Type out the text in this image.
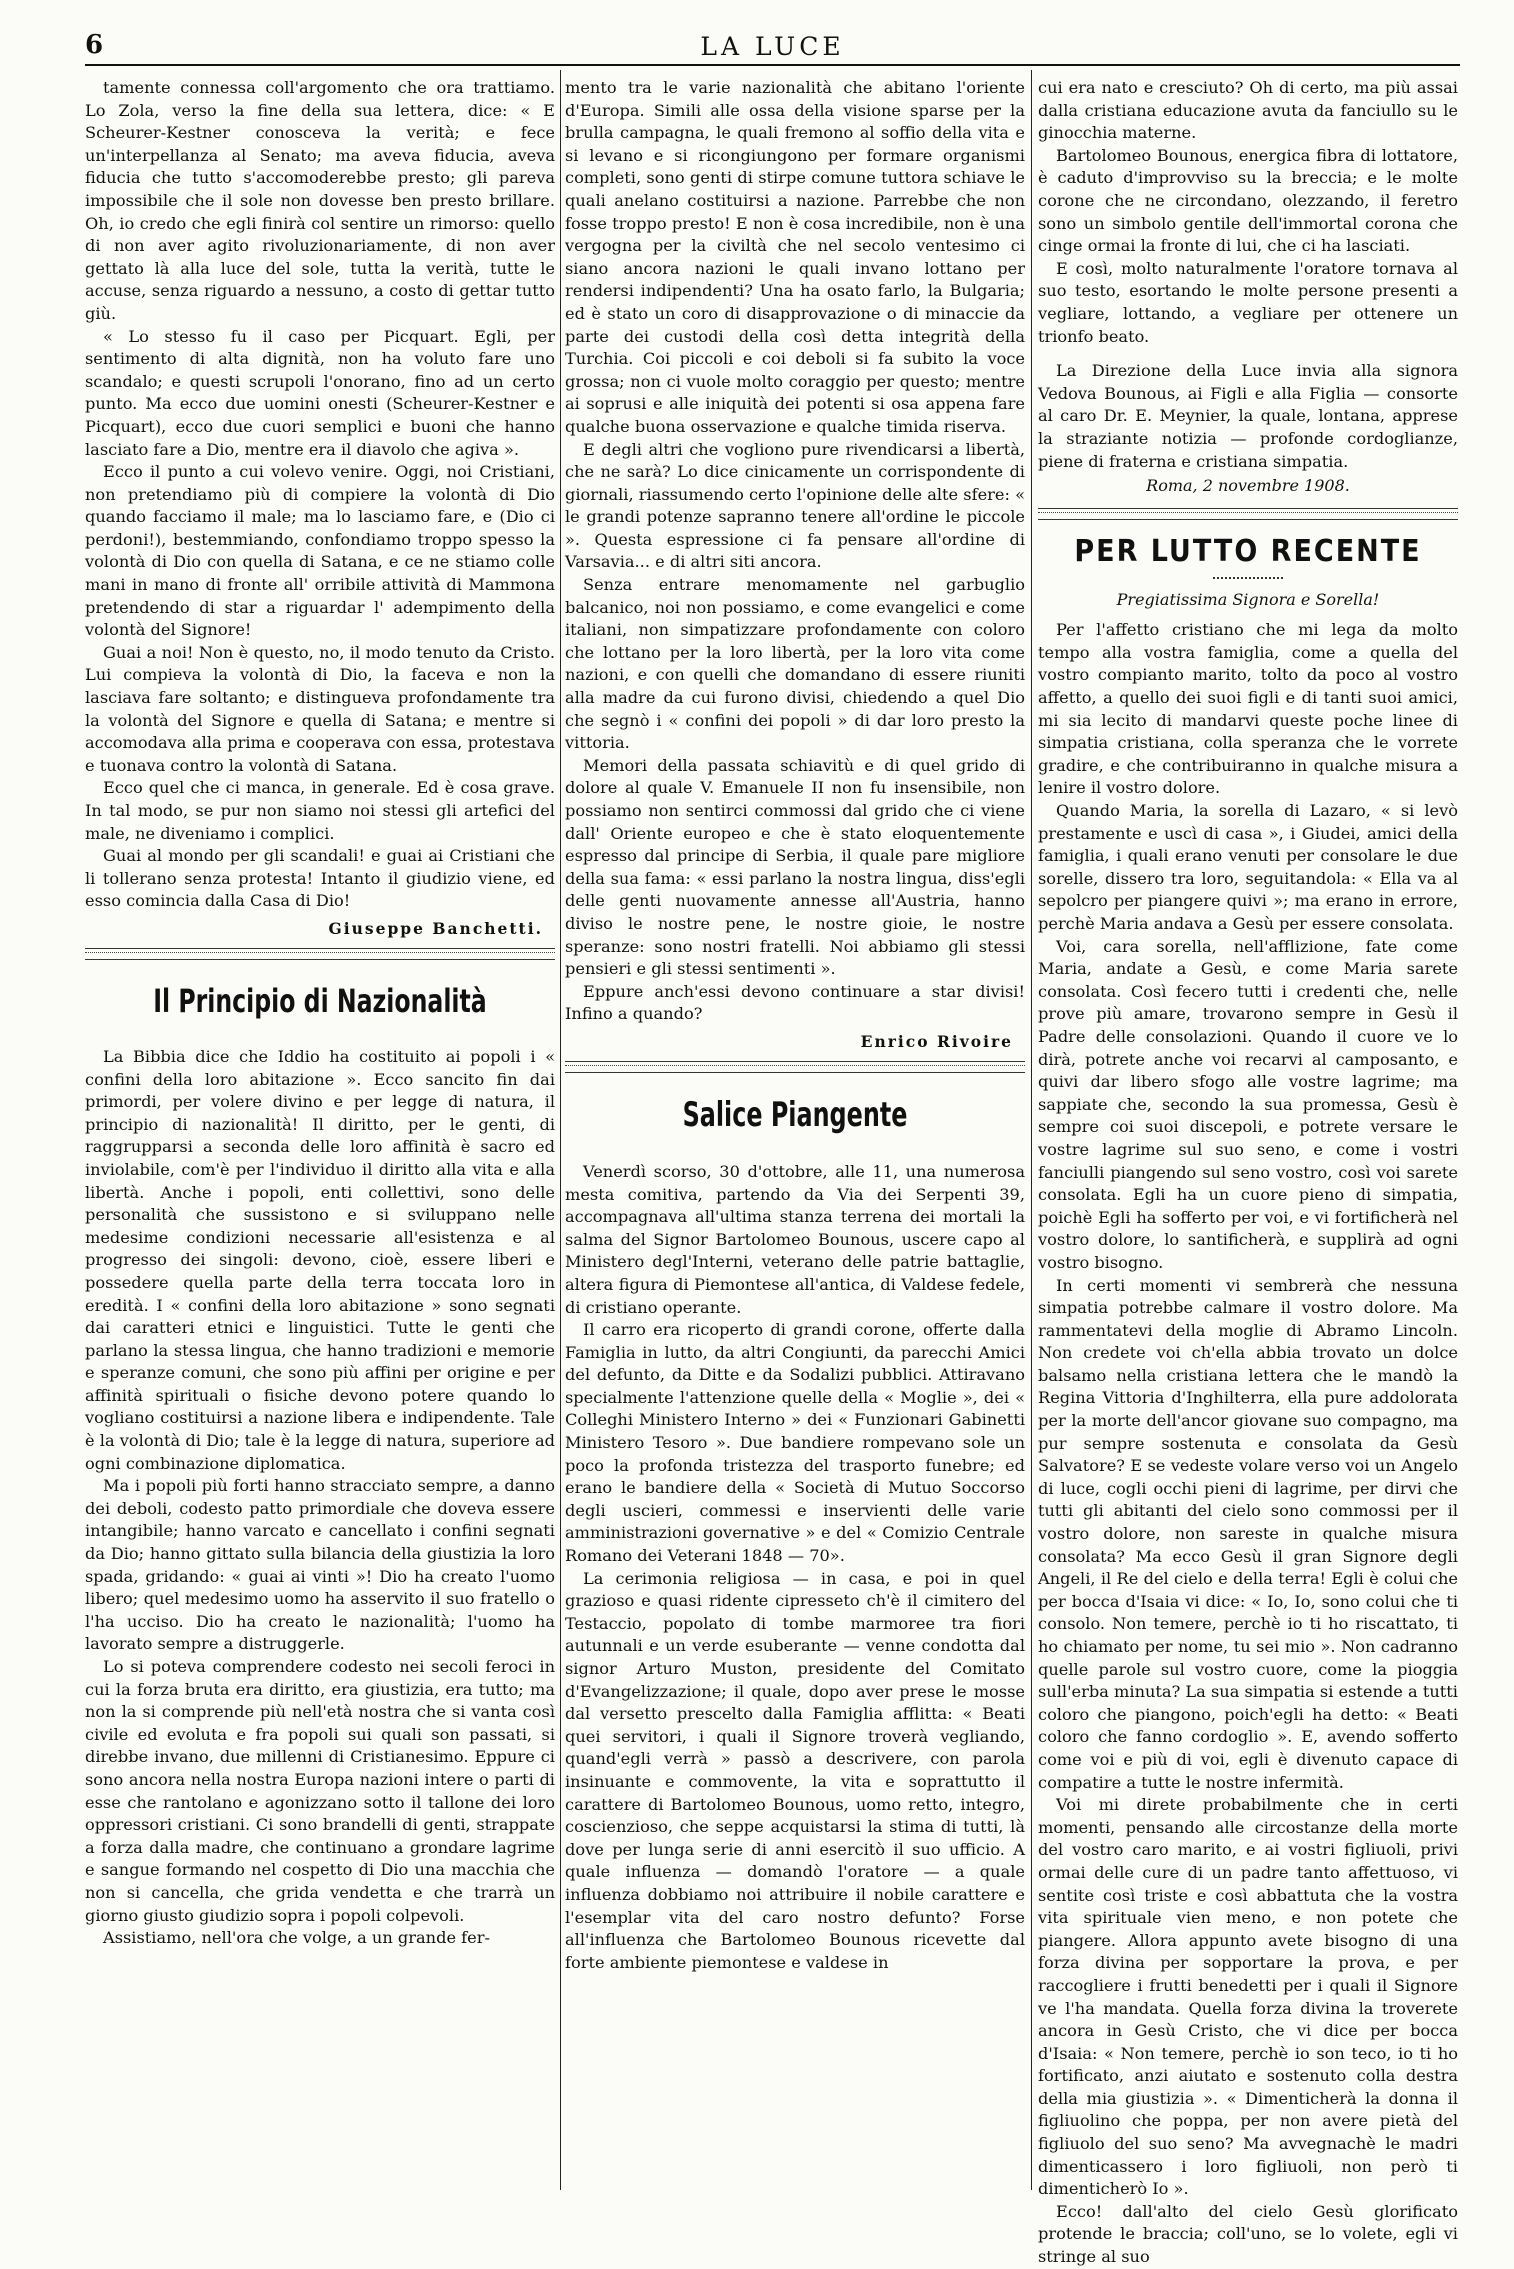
6	LA LUCE

tamente connessa coll'argomento che ora trattiamo. Lo Zola, verso la fine della sua lettera, dice: « E Scheurer-Kestner conosceva la verità; e fece un'interpellanza al Senato; ma aveva fiducia, aveva fiducia che tutto s'accomoderebbe presto; gli pareva impossibile che il sole non dovesse ben presto brillare. Oh, io credo che egli finirà col sentire un rimorso: quello di non aver agito rivoluzionariamente, di non aver gettato là alla luce del sole, tutta la verità, tutte le accuse, senza riguardo a nessuno, a costo di gettar tutto giù.

« Lo stesso fu il caso per Picquart. Egli, per sentimento di alta dignità, non ha voluto fare uno scandalo; e questi scrupoli l'onorano, fino ad un certo punto. Ma ecco due uomini onesti (Scheurer-Kestner e Picquart), ecco due cuori semplici e buoni che hanno lasciato fare a Dio, mentre era il diavolo che agiva ».

Ecco il punto a cui volevo venire. Oggi, noi Cristiani, non pretendiamo più di compiere la volontà di Dio quando facciamo il male; ma lo lasciamo fare, e (Dio ci perdoni!), bestemmiando, confondiamo troppo spesso la volontà di Dio con quella di Satana, e ce ne stiamo colle mani in mano di fronte all' orribile attività di Mammona pretendendo di star a riguardar l' adempimento della volontà del Signore!

Guai a noi! Non è questo, no, il modo tenuto da Cristo. Lui compieva la volontà di Dio, la faceva e non la lasciava fare soltanto; e distingueva profondamente tra la volontà del Signore e quella di Satana; e mentre si accomodava alla prima e cooperava con essa, protestava e tuonava contro la volontà di Satana.

Ecco quel che ci manca, in generale. Ed è cosa grave. In tal modo, se pur non siamo noi stessi gli artefici del male, ne diveniamo i complici.

Guai al mondo per gli scandali! e guai ai Cristiani che li tollerano senza protesta! Intanto il giudizio viene, ed esso comincia dalla Casa di Dio!

Giuseppe Banchetti.
Il Principio di Nazionalità

La Bibbia dice che Iddio ha costituito ai popoli i « confini della loro abitazione ». Ecco sancito fin dai primordi, per volere divino e per legge di natura, il principio di nazionalità! Il diritto, per le genti, di raggrupparsi a seconda delle loro affinità è sacro ed inviolabile, com'è per l'individuo il diritto alla vita e alla libertà. Anche i popoli, enti collettivi, sono delle personalità che sussistono e si sviluppano nelle medesime condizioni necessarie all'esistenza e al progresso dei singoli: devono, cioè, essere liberi e possedere quella parte della terra toccata loro in eredità. I « confini della loro abitazione » sono segnati dai caratteri etnici e linguistici. Tutte le genti che parlano la stessa lingua, che hanno tradizioni e memorie e speranze comuni, che sono più affini per origine e per affinità spirituali o fisiche devono potere quando lo vogliano costituirsi a nazione libera e indipendente. Tale è la volontà di Dio; tale è la legge di natura, superiore ad ogni combinazione diplomatica.

Ma i popoli più forti hanno stracciato sempre, a danno dei deboli, codesto patto primordiale che doveva essere intangibile; hanno varcato e cancellato i confini segnati da Dio; hanno gittato sulla bilancia della giustizia la loro spada, gridando: « guai ai vinti »! Dio ha creato l'uomo libero; quel medesimo uomo ha asservito il suo fratello o l'ha ucciso. Dio ha creato le nazionalità; l'uomo ha lavorato sempre a distruggerle.

Lo si poteva comprendere codesto nei secoli feroci in cui la forza bruta era diritto, era giustizia, era tutto; ma non la si comprende più nell'età nostra che si vanta così civile ed evoluta e fra popoli sui quali son passati, si direbbe invano, due millenni di Cristianesimo. Eppure ci sono ancora nella nostra Europa nazioni intere o parti di esse che rantolano e agonizzano sotto il tallone dei loro oppressori cristiani. Ci sono brandelli di genti, strappate a forza dalla madre, che continuano a grondare lagrime e sangue formando nel cospetto di Dio una macchia che non si cancella, che grida vendetta e che trarrà un giorno giusto giudizio sopra i popoli colpevoli.

Assistiamo, nell'ora che volge, a un grande fer-

mento tra le varie nazionalità che abitano l'oriente d'Europa. Simili alle ossa della visione sparse per la brulla campagna, le quali fremono al soffio della vita e si levano e si ricongiungono per formare organismi completi, sono genti di stirpe comune tuttora schiave le quali anelano costituirsi a nazione. Parrebbe che non fosse troppo presto! E non è cosa incredibile, non è una vergogna per la civiltà che nel secolo ventesimo ci siano ancora nazioni le quali invano lottano per rendersi indipendenti? Una ha osato farlo, la Bulgaria; ed è stato un coro di disapprovazione o di minaccie da parte dei custodi della così detta integrità della Turchia. Coi piccoli e coi deboli si fa subito la voce grossa; non ci vuole molto coraggio per questo; mentre ai soprusi e alle iniquità dei potenti si osa appena fare qualche buona osservazione e qualche timida riserva.

E degli altri che vogliono pure rivendicarsi a libertà, che ne sarà? Lo dice cinicamente un corrispondente di giornali, riassumendo certo l'opinione delle alte sfere: « le grandi potenze sapranno tenere all'ordine le piccole ». Questa espressione ci fa pensare all'ordine di Varsavia... e di altri siti ancora.

Senza entrare menomamente nel garbuglio balcanico, noi non possiamo, e come evangelici e come italiani, non simpatizzare profondamente con coloro che lottano per la loro libertà, per la loro vita come nazioni, e con quelli che domandano di essere riuniti alla madre da cui furono divisi, chiedendo a quel Dio che segnò i « confini dei popoli » di dar loro presto la vittoria.

Memori della passata schiavitù e di quel grido di dolore al quale V. Emanuele II non fu insensibile, non possiamo non sentirci commossi dal grido che ci viene dall' Oriente europeo e che è stato eloquentemente espresso dal principe di Serbia, il quale pare migliore della sua fama: « essi parlano la nostra lingua, diss'egli delle genti nuovamente annesse all'Austria, hanno diviso le nostre pene, le nostre gioie, le nostre speranze: sono nostri fratelli. Noi abbiamo gli stessi pensieri e gli stessi sentimenti ».

Eppure anch'essi devono continuare a star divisi! Infino a quando?

Enrico Rivoire
Salice Piangente

Venerdì scorso, 30 d'ottobre, alle 11, una numerosa mesta comitiva, partendo da Via dei Serpenti 39, accompagnava all'ultima stanza terrena dei mortali la salma del Signor Bartolomeo Bounous, uscere capo al Ministero degl'Interni, veterano delle patrie battaglie, altera figura di Piemontese all'antica, di Valdese fedele, di cristiano operante.

Il carro era ricoperto di grandi corone, offerte dalla Famiglia in lutto, da altri Congiunti, da parecchi Amici del defunto, da Ditte e da Sodalizi pubblici. Attiravano specialmente l'attenzione quelle della « Moglie », dei « Colleghi Ministero Interno » dei « Funzionari Gabinetti Ministero Tesoro ». Due bandiere rompevano sole un poco la profonda tristezza del trasporto funebre; ed erano le bandiere della « Società di Mutuo Soccorso degli uscieri, commessi e inservienti delle varie amministrazioni governative » e del « Comizio Centrale Romano dei Veterani 1848 — 70».

La cerimonia religiosa — in casa, e poi in quel grazioso e quasi ridente cipresseto ch'è il cimitero del Testaccio, popolato di tombe marmoree tra fiori autunnali e un verde esuberante — venne condotta dal signor Arturo Muston, presidente del Comitato d'Evangelizzazione; il quale, dopo aver prese le mosse dal versetto prescelto dalla Famiglia afflitta: « Beati quei servitori, i quali il Signore troverà vegliando, quand'egli verrà » passò a descrivere, con parola insinuante e commovente, la vita e soprattutto il carattere di Bartolomeo Bounous, uomo retto, integro, coscienzioso, che seppe acquistarsi la stima di tutti, là dove per lunga serie di anni esercitò il suo ufficio. A quale influenza — domandò l'oratore — a quale influenza dobbiamo noi attribuire il nobile carattere e l'esemplar vita del caro nostro defunto? Forse all'influenza che Bartolomeo Bounous ricevette dal forte ambiente piemontese e valdese in

cui era nato e cresciuto? Oh di certo, ma più assai dalla cristiana educazione avuta da fanciullo su le ginocchia materne.

Bartolomeo Bounous, energica fibra di lottatore, è caduto d'improvviso su la breccia; e le molte corone che ne circondano, olezzando, il feretro sono un simbolo gentile dell'immortal corona che cinge ormai la fronte di lui, che ci ha lasciati.

E così, molto naturalmente l'oratore tornava al suo testo, esortando le molte persone presenti a vegliare, lottando, a vegliare per ottenere un trionfo beato.

La Direzione della Luce invia alla signora Vedova Bounous, ai Figli e alla Figlia — consorte al caro Dr. E. Meynier, la quale, lontana, apprese la straziante notizia — profonde cordoglianze, piene di fraterna e cristiana simpatia.

Roma, 2 novembre 1908.

PER LUTTO RECENTE

Pregiatissima Signora e Sorella!

Per l'affetto cristiano che mi lega da molto tempo alla vostra famiglia, come a quella del vostro compianto marito, tolto da poco al vostro affetto, a quello dei suoi figli e di tanti suoi amici, mi sia lecito di mandarvi queste poche linee di simpatia cristiana, colla speranza che le vorrete gradire, e che contribuiranno in qualche misura a lenire il vostro dolore.

Quando Maria, la sorella di Lazaro, « si levò prestamente e uscì di casa », i Giudei, amici della famiglia, i quali erano venuti per consolare le due sorelle, dissero tra loro, seguitandola: « Ella va al sepolcro per piangere quivi »; ma erano in errore, perchè Maria andava a Gesù per essere consolata.

Voi, cara sorella, nell'afflizione, fate come Maria, andate a Gesù, e come Maria sarete consolata. Così fecero tutti i credenti che, nelle prove più amare, trovarono sempre in Gesù il Padre delle consolazioni. Quando il cuore ve lo dirà, potrete anche voi recarvi al camposanto, e quivi dar libero sfogo alle vostre lagrime; ma sappiate che, secondo la sua promessa, Gesù è sempre coi suoi discepoli, e potrete versare le vostre lagrime sul suo seno, e come i vostri fanciulli piangendo sul seno vostro, così voi sarete consolata. Egli ha un cuore pieno di simpatia, poichè Egli ha sofferto per voi, e vi fortificherà nel vostro dolore, lo santificherà, e supplirà ad ogni vostro bisogno.

In certi momenti vi sembrerà che nessuna simpatia potrebbe calmare il vostro dolore. Ma rammentatevi della moglie di Abramo Lincoln. Non credete voi ch'ella abbia trovato un dolce balsamo nella cristiana lettera che le mandò la Regina Vittoria d'Inghilterra, ella pure addolorata per la morte dell'ancor giovane suo compagno, ma pur sempre sostenuta e consolata da Gesù Salvatore? E se vedeste volare verso voi un Angelo di luce, cogli occhi pieni di lagrime, per dirvi che tutti gli abitanti del cielo sono commossi per il vostro dolore, non sareste in qualche misura consolata? Ma ecco Gesù il gran Signore degli Angeli, il Re del cielo e della terra! Egli è colui che per bocca d'Isaia vi dice: « Io, Io, sono colui che ti consolo. Non temere, perchè io ti ho riscattato, ti ho chiamato per nome, tu sei mio ». Non cadranno quelle parole sul vostro cuore, come la pioggia sull'erba minuta? La sua simpatia si estende a tutti coloro che piangono, poich'egli ha detto: « Beati coloro che fanno cordoglio ». E, avendo sofferto come voi e più di voi, egli è divenuto capace di compatire a tutte le nostre infermità.

Voi mi direte probabilmente che in certi momenti, pensando alle circostanze della morte del vostro caro marito, e ai vostri figliuoli, privi ormai delle cure di un padre tanto affettuoso, vi sentite così triste e così abbattuta che la vostra vita spirituale vien meno, e non potete che piangere. Allora appunto avete bisogno di una forza divina per sopportare la prova, e per raccogliere i frutti benedetti per i quali il Signore ve l'ha mandata. Quella forza divina la troverete ancora in Gesù Cristo, che vi dice per bocca d'Isaia: « Non temere, perchè io son teco, io ti ho fortificato, anzi aiutato e sostenuto colla destra della mia giustizia ». « Dimenticherà la donna il figliuolino che poppa, per non avere pietà del figliuolo del suo seno? Ma avvegnachè le madri dimenticassero i loro figliuoli, non però ti dimenticherò Io ».

Ecco! dall'alto del cielo Gesù glorificato protende le braccia; coll'uno, se lo volete, egli vi stringe al suo
